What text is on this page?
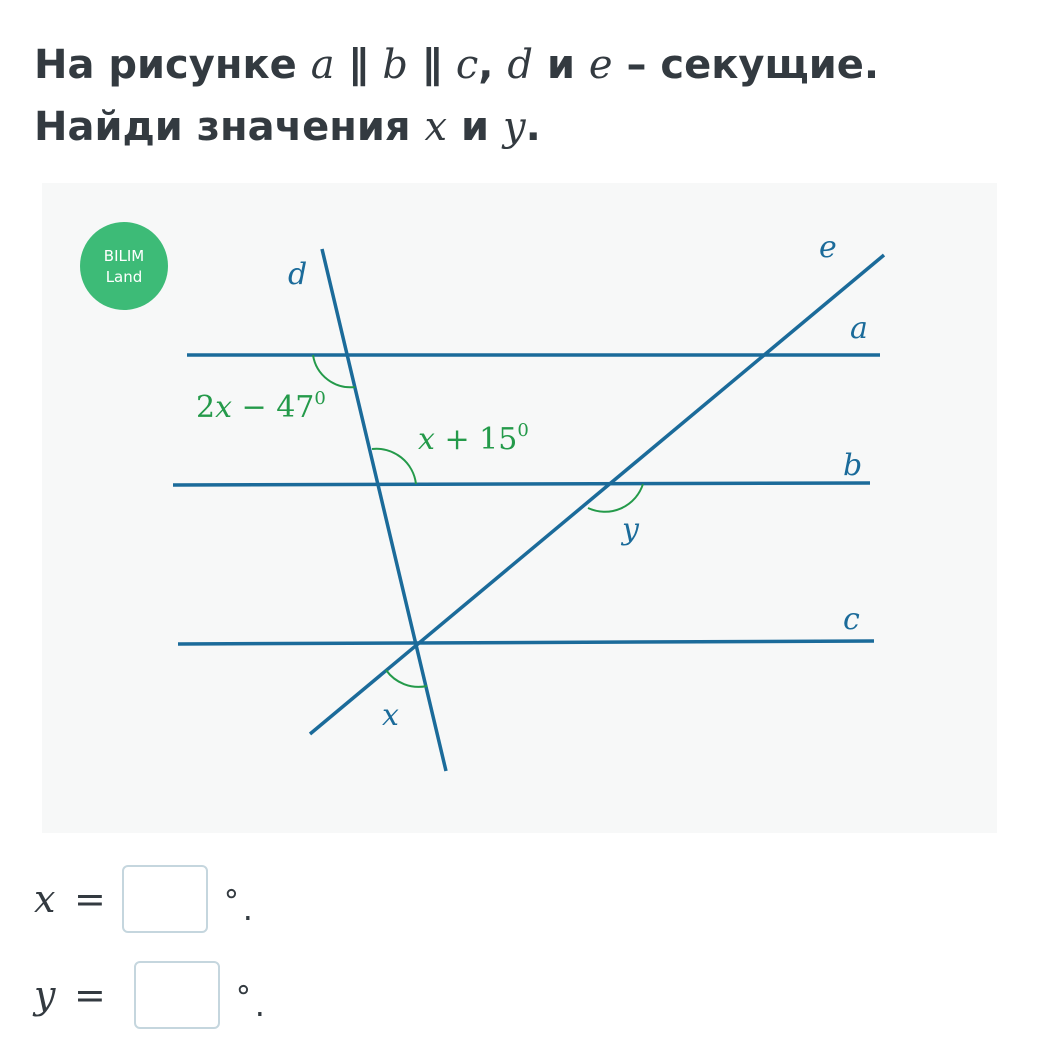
На рисунке a ∥ b ∥ c, d и e – секущие.
Найди значения x и y.
BILIM
Land	d
e
a
b
c
$2x - 47^0$
$x + 15^0$
y
x
x =	∘ .
y =	∘ .
